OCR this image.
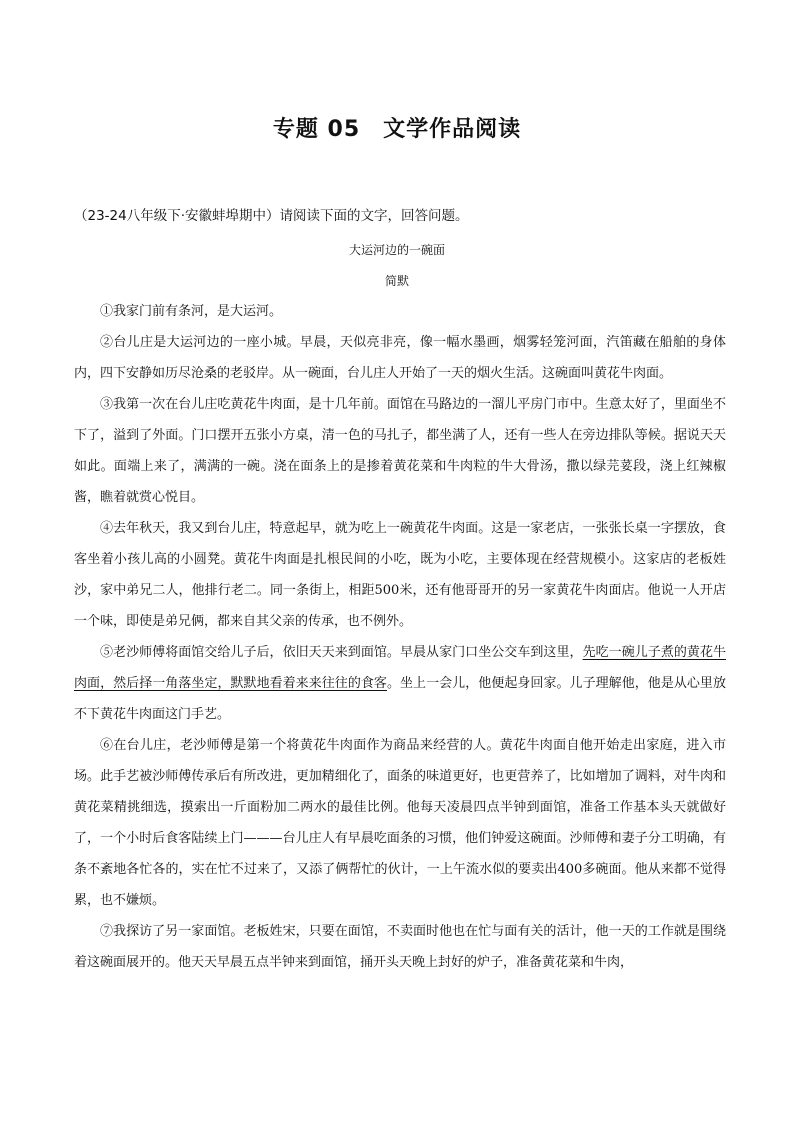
专题 05　文学作品阅读
（23-24八年级下·安徽蚌埠期中）请阅读下面的文字，回答问题。
大运河边的一碗面
简默

①我家门前有条河，是大运河。

②台儿庄是大运河边的一座小城。早晨，天似亮非亮，像一幅水墨画，烟雾轻笼河面，汽笛藏在船舶的身体内，四下安静如历尽沧桑的老驳岸。从一碗面，台儿庄人开始了一天的烟火生活。这碗面叫黄花牛肉面。

③我第一次在台儿庄吃黄花牛肉面，是十几年前。面馆在马路边的一溜儿平房门市中。生意太好了，里面坐不下了，溢到了外面。门口摆开五张小方桌，清一色的马扎子，都坐满了人，还有一些人在旁边排队等候。据说天天如此。面端上来了，满满的一碗。浇在面条上的是掺着黄花菜和牛肉粒的牛大骨汤，撒以绿芫荽段，浇上红辣椒酱，瞧着就赏心悦目。

④去年秋天，我又到台儿庄，特意起早，就为吃上一碗黄花牛肉面。这是一家老店，一张张长桌一字摆放，食客坐着小孩儿高的小圆凳。黄花牛肉面是扎根民间的小吃，既为小吃，主要体现在经营规模小。这家店的老板姓沙，家中弟兄二人，他排行老二。同一条街上，相距500米，还有他哥哥开的另一家黄花牛肉面店。他说一人开店一个味，即使是弟兄俩，都来自其父亲的传承，也不例外。

⑤老沙师傅将面馆交给儿子后，依旧天天来到面馆。早晨从家门口坐公交车到这里，先吃一碗儿子煮的黄花牛肉面，然后择一角落坐定，默默地看着来来往往的食客。坐上一会儿，他便起身回家。儿子理解他，他是从心里放不下黄花牛肉面这门手艺。

⑥在台儿庄，老沙师傅是第一个将黄花牛肉面作为商品来经营的人。黄花牛肉面自他开始走出家庭，进入市场。此手艺被沙师傅传承后有所改进，更加精细化了，面条的味道更好，也更营养了，比如增加了调料，对牛肉和黄花菜精挑细选，摸索出一斤面粉加二两水的最佳比例。他每天凌晨四点半钟到面馆，准备工作基本头天就做好了，一个小时后食客陆续上门———台儿庄人有早晨吃面条的习惯，他们钟爱这碗面。沙师傅和妻子分工明确，有条不紊地各忙各的，实在忙不过来了，又添了俩帮忙的伙计，一上午流水似的要卖出400多碗面。他从来都不觉得累，也不嫌烦。

⑦我探访了另一家面馆。老板姓宋，只要在面馆，不卖面时他也在忙与面有关的活计，他一天的工作就是围绕着这碗面展开的。他天天早晨五点半钟来到面馆，捅开头天晚上封好的炉子，准备黄花菜和牛肉，
